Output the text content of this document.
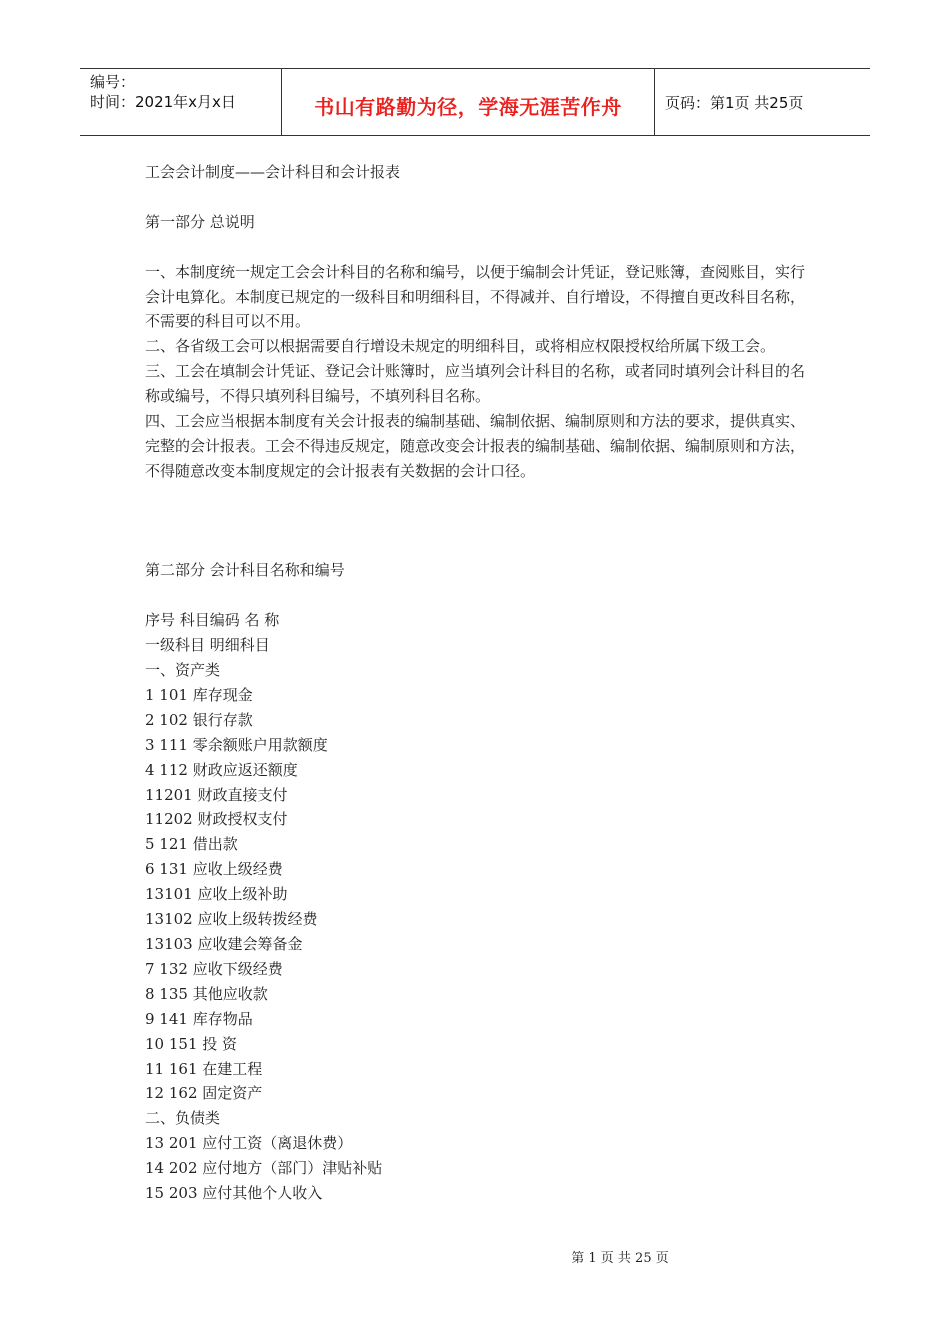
编号：
时间：2021年x月x日	书山有路勤为径，学海无涯苦作舟	页码：第1页 共25页

工会会计制度——会计科目和会计报表

第一部分 总说明

一、本制度统一规定工会会计科目的名称和编号，以便于编制会计凭证，登记账簿，查阅账目，实行会计电算化。本制度已规定的一级科目和明细科目，不得减并、自行增设，不得擅自更改科目名称，不需要的科目可以不用。

二、各省级工会可以根据需要自行增设未规定的明细科目，或将相应权限授权给所属下级工会。

三、工会在填制会计凭证、登记会计账簿时，应当填列会计科目的名称，或者同时填列会计科目的名称或编号，不得只填列科目编号，不填列科目名称。

四、工会应当根据本制度有关会计报表的编制基础、编制依据、编制原则和方法的要求，提供真实、完整的会计报表。工会不得违反规定，随意改变会计报表的编制基础、编制依据、编制原则和方法，不得随意改变本制度规定的会计报表有关数据的会计口径。

第二部分 会计科目名称和编号

序号 科目编码 名 称

一级科目 明细科目

一、资产类

1 101 库存现金

2 102 银行存款

3 111 零余额账户用款额度

4 112 财政应返还额度

11201 财政直接支付

11202 财政授权支付

5 121 借出款

6 131 应收上级经费

13101 应收上级补助

13102 应收上级转拨经费

13103 应收建会筹备金

7 132 应收下级经费

8 135 其他应收款

9 141 库存物品

10 151 投 资

11 161 在建工程

12 162 固定资产

二、负债类

13 201 应付工资（离退休费）

14 202 应付地方（部门）津贴补贴

15 203 应付其他个人收入

第 1 页 共 25 页
